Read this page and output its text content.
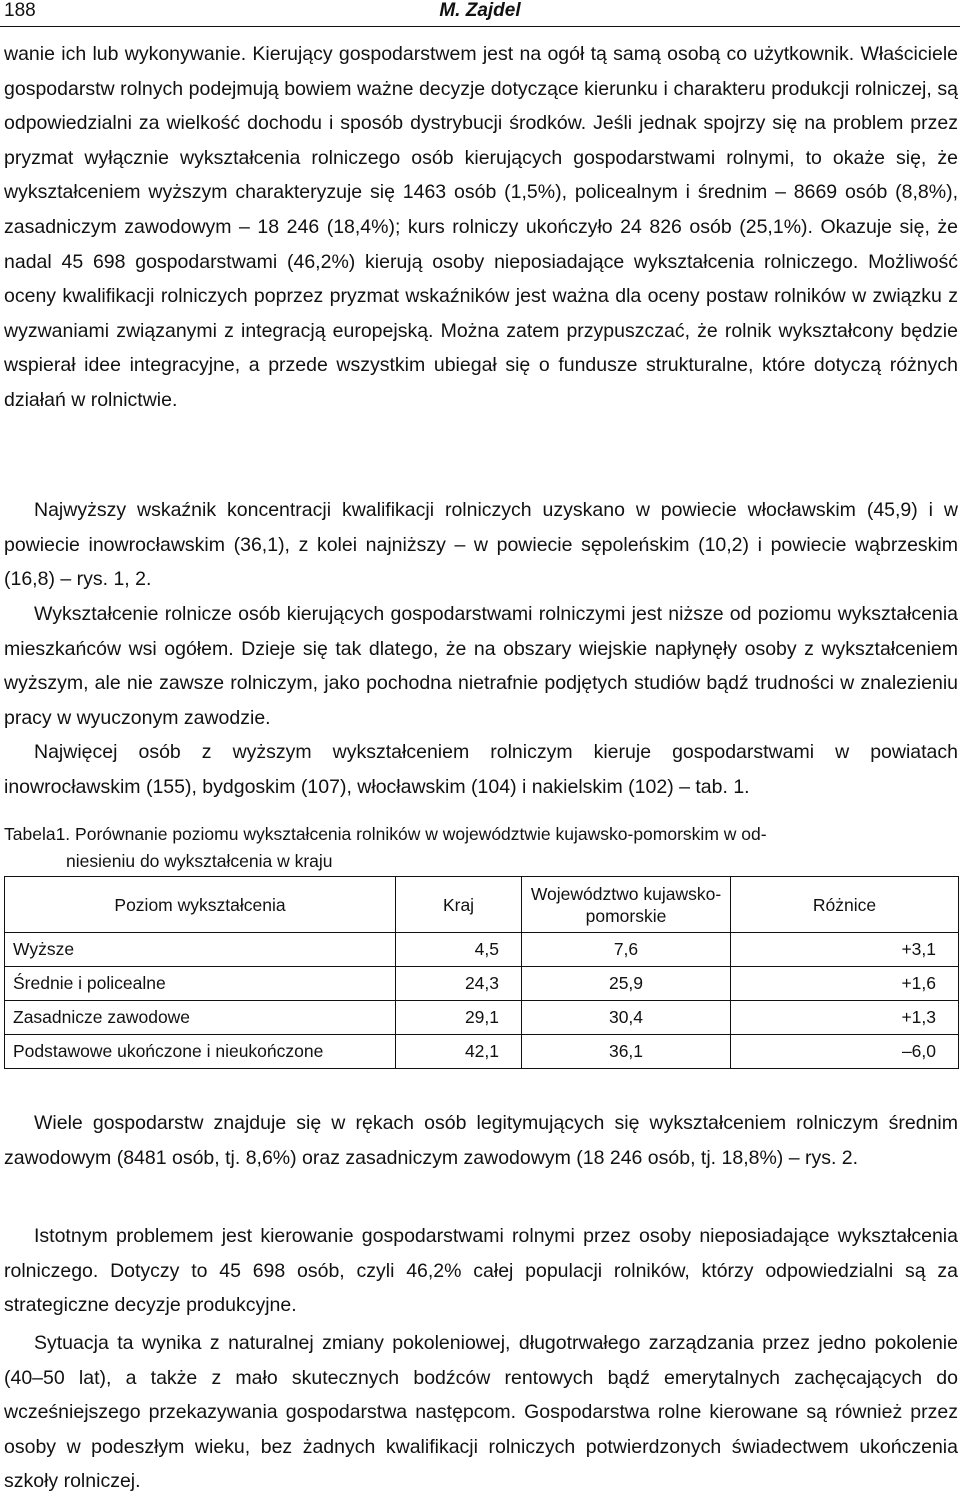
188	M. Zajdel

wanie ich lub wykonywanie. Kierujący gospodarstwem jest na ogół tą samą osobą co użytkownik. Właściciele gospodarstw rolnych podejmują bowiem ważne decyzje dotyczące kierunku i charakteru produkcji rolniczej, są odpowiedzialni za wielkość dochodu i sposób dystrybucji środków. Jeśli jednak spojrzy się na problem przez pryzmat wyłącznie wykształcenia rolniczego osób kierujących gospodarstwami rolnymi, to okaże się, że wykształceniem wyższym charakteryzuje się 1463 osób (1,5%), policealnym i średnim – 8669 osób (8,8%), zasadniczym zawodowym – 18 246 (18,4%); kurs rolniczy ukończyło 24 826 osób (25,1%). Okazuje się, że nadal 45 698 gospodarstwami (46,2%) kierują osoby nieposiadające wykształcenia rolniczego. Możliwość oceny kwalifikacji rolniczych poprzez pryzmat wskaźników jest ważna dla oceny postaw rolników w związku z wyzwaniami związanymi z integracją europejską. Można zatem przypuszczać, że rolnik wykształcony będzie wspierał idee integracyjne, a przede wszystkim ubiegał się o fundusze strukturalne, które dotyczą różnych działań w rolnictwie.

Najwyższy wskaźnik koncentracji kwalifikacji rolniczych uzyskano w powiecie włocławskim (45,9) i w powiecie inowrocławskim (36,1), z kolei najniższy – w powiecie sępoleńskim (10,2) i powiecie wąbrzeskim (16,8) – rys. 1, 2.

Wykształcenie rolnicze osób kierujących gospodarstwami rolniczymi jest niższe od poziomu wykształcenia mieszkańców wsi ogółem. Dzieje się tak dlatego, że na obszary wiejskie napłynęły osoby z wykształceniem wyższym, ale nie zawsze rolniczym, jako pochodna nietrafnie podjętych studiów bądź trudności w znalezieniu pracy w wyuczonym zawodzie.

Najwięcej osób z wyższym wykształceniem rolniczym kieruje gospodarstwami w powiatach inowrocławskim (155), bydgoskim (107), włocławskim (104) i nakielskim (102) – tab. 1.

Tabela1. Porównanie poziomu wykształcenia rolników w województwie kujawsko-pomorskim w od-
niesieniu do wykształcenia w kraju
Poziom wykształcenia	Kraj	Województwo kujawsko-pomorskie	Różnice
Wyższe	4,5	7,6	+3,1
Średnie i policealne	24,3	25,9	+1,6
Zasadnicze zawodowe	29,1	30,4	+1,3
Podstawowe ukończone i nieukończone	42,1	36,1	–6,0

Wiele gospodarstw znajduje się w rękach osób legitymujących się wykształceniem rolniczym średnim zawodowym (8481 osób, tj. 8,6%) oraz zasadniczym zawodowym (18 246 osób, tj. 18,8%) – rys. 2.

Istotnym problemem jest kierowanie gospodarstwami rolnymi przez osoby nieposiadające wykształcenia rolniczego. Dotyczy to 45 698 osób, czyli 46,2% całej populacji rolników, którzy odpowiedzialni są za strategiczne decyzje produkcyjne.

Sytuacja ta wynika z naturalnej zmiany pokoleniowej, długotrwałego zarządzania przez jedno pokolenie (40–50 lat), a także z mało skutecznych bodźców rentowych bądź emerytalnych zachęcających do wcześniejszego przekazywania gospodarstwa następcom. Gospodarstwa rolne kierowane są również przez osoby w podeszłym wieku, bez żadnych kwalifikacji rolniczych potwierdzonych świadectwem ukończenia szkoły rolniczej.
